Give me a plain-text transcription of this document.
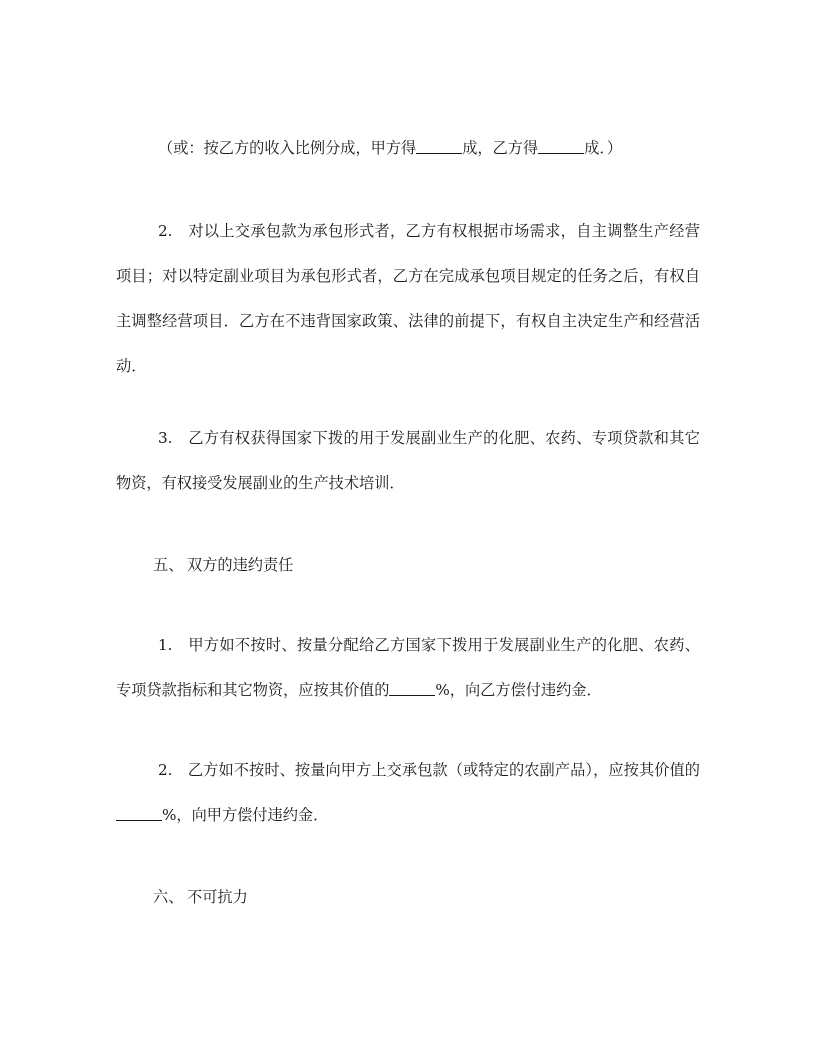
（或：按乙方的收入比例分成，甲方得	成，乙方得	成．）

2.　对以上交承包款为承包形式者，乙方有权根据市场需求，自主调整生产经营项目；对以特定副业项目为承包形式者，乙方在完成承包项目规定的任务之后，有权自主调整经营项目．乙方在不违背国家政策、法律的前提下，有权自主决定生产和经营活动．

3.　乙方有权获得国家下拨的用于发展副业生产的化肥、农药、专项贷款和其它物资，有权接受发展副业的生产技术培训．

五、 双方的违约责任

1.　甲方如不按时、按量分配给乙方国家下拨用于发展副业生产的化肥、农药、专项贷款指标和其它物资，应按其价值的	%，向乙方偿付违约金．

2.　乙方如不按时、按量向甲方上交承包款（或特定的农副产品），应按其价值的%，向甲方偿付违约金．

六、 不可抗力
